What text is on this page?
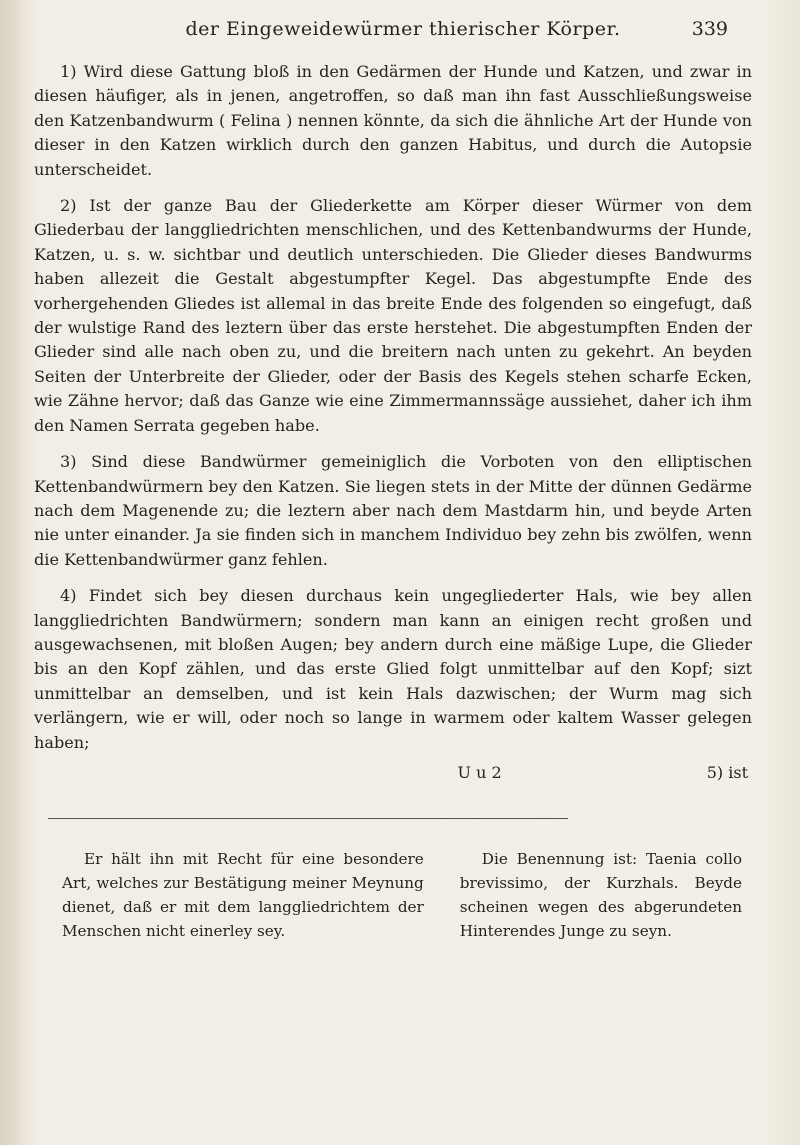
der Eingeweidewürmer thierischer Körper.	339

1) Wird diese Gattung bloß in den Gedärmen der Hunde und Katzen, und zwar in diesen häufiger, als in jenen, angetroffen, so daß man ihn fast Ausschließungsweise den Katzenbandwurm ( Felina ) nennen könnte, da sich die ähnliche Art der Hunde von dieser in den Katzen wirklich durch den ganzen Habitus, und durch die Autopsie unterscheidet.

2) Ist der ganze Bau der Gliederkette am Körper dieser Würmer von dem Gliederbau der langgliedrichten menschlichen, und des Kettenbandwurms der Hunde, Katzen, u. s. w. sichtbar und deutlich unterschieden. Die Glieder dieses Bandwurms haben allezeit die Gestalt abgestumpfter Kegel. Das abgestumpfte Ende des vorhergehenden Gliedes ist allemal in das breite Ende des folgenden so eingefugt, daß der wulstige Rand des leztern über das erste herstehet. Die abgestumpften Enden der Glieder sind alle nach oben zu, und die breitern nach unten zu gekehrt. An beyden Seiten der Unterbreite der Glieder, oder der Basis des Kegels stehen scharfe Ecken, wie Zähne hervor; daß das Ganze wie eine Zimmermannssäge aussiehet, daher ich ihm den Namen Serrata gegeben habe.

3) Sind diese Bandwürmer gemeiniglich die Vorboten von den elliptischen Kettenbandwürmern bey den Katzen. Sie liegen stets in der Mitte der dünnen Gedärme nach dem Magenende zu; die leztern aber nach dem Mastdarm hin, und beyde Arten nie unter einander. Ja sie finden sich in manchem Individuo bey zehn bis zwölfen, wenn die Kettenbandwürmer ganz fehlen.

4) Findet sich bey diesen durchaus kein ungegliederter Hals, wie bey allen langgliedrichten Bandwürmern; sondern man kann an einigen recht großen und ausgewachsenen, mit bloßen Augen; bey andern durch eine mäßige Lupe, die Glieder bis an den Kopf zählen, und das erste Glied folgt unmittelbar auf den Kopf; sizt unmittelbar an demselben, und ist kein Hals dazwischen; der Wurm mag sich verlängern, wie er will, oder noch so lange in warmem oder kaltem Wasser gelegen haben;

U u 2	5) ist

Er hält ihn mit Recht für eine besondere Art, welches zur Bestätigung meiner Meynung dienet, daß er mit dem langgliedrichtem der Menschen nicht einerley sey.

Die Benennung ist: Taenia collo brevissimo, der Kurzhals. Beyde scheinen wegen des abgerundeten Hinterendes Junge zu seyn.
